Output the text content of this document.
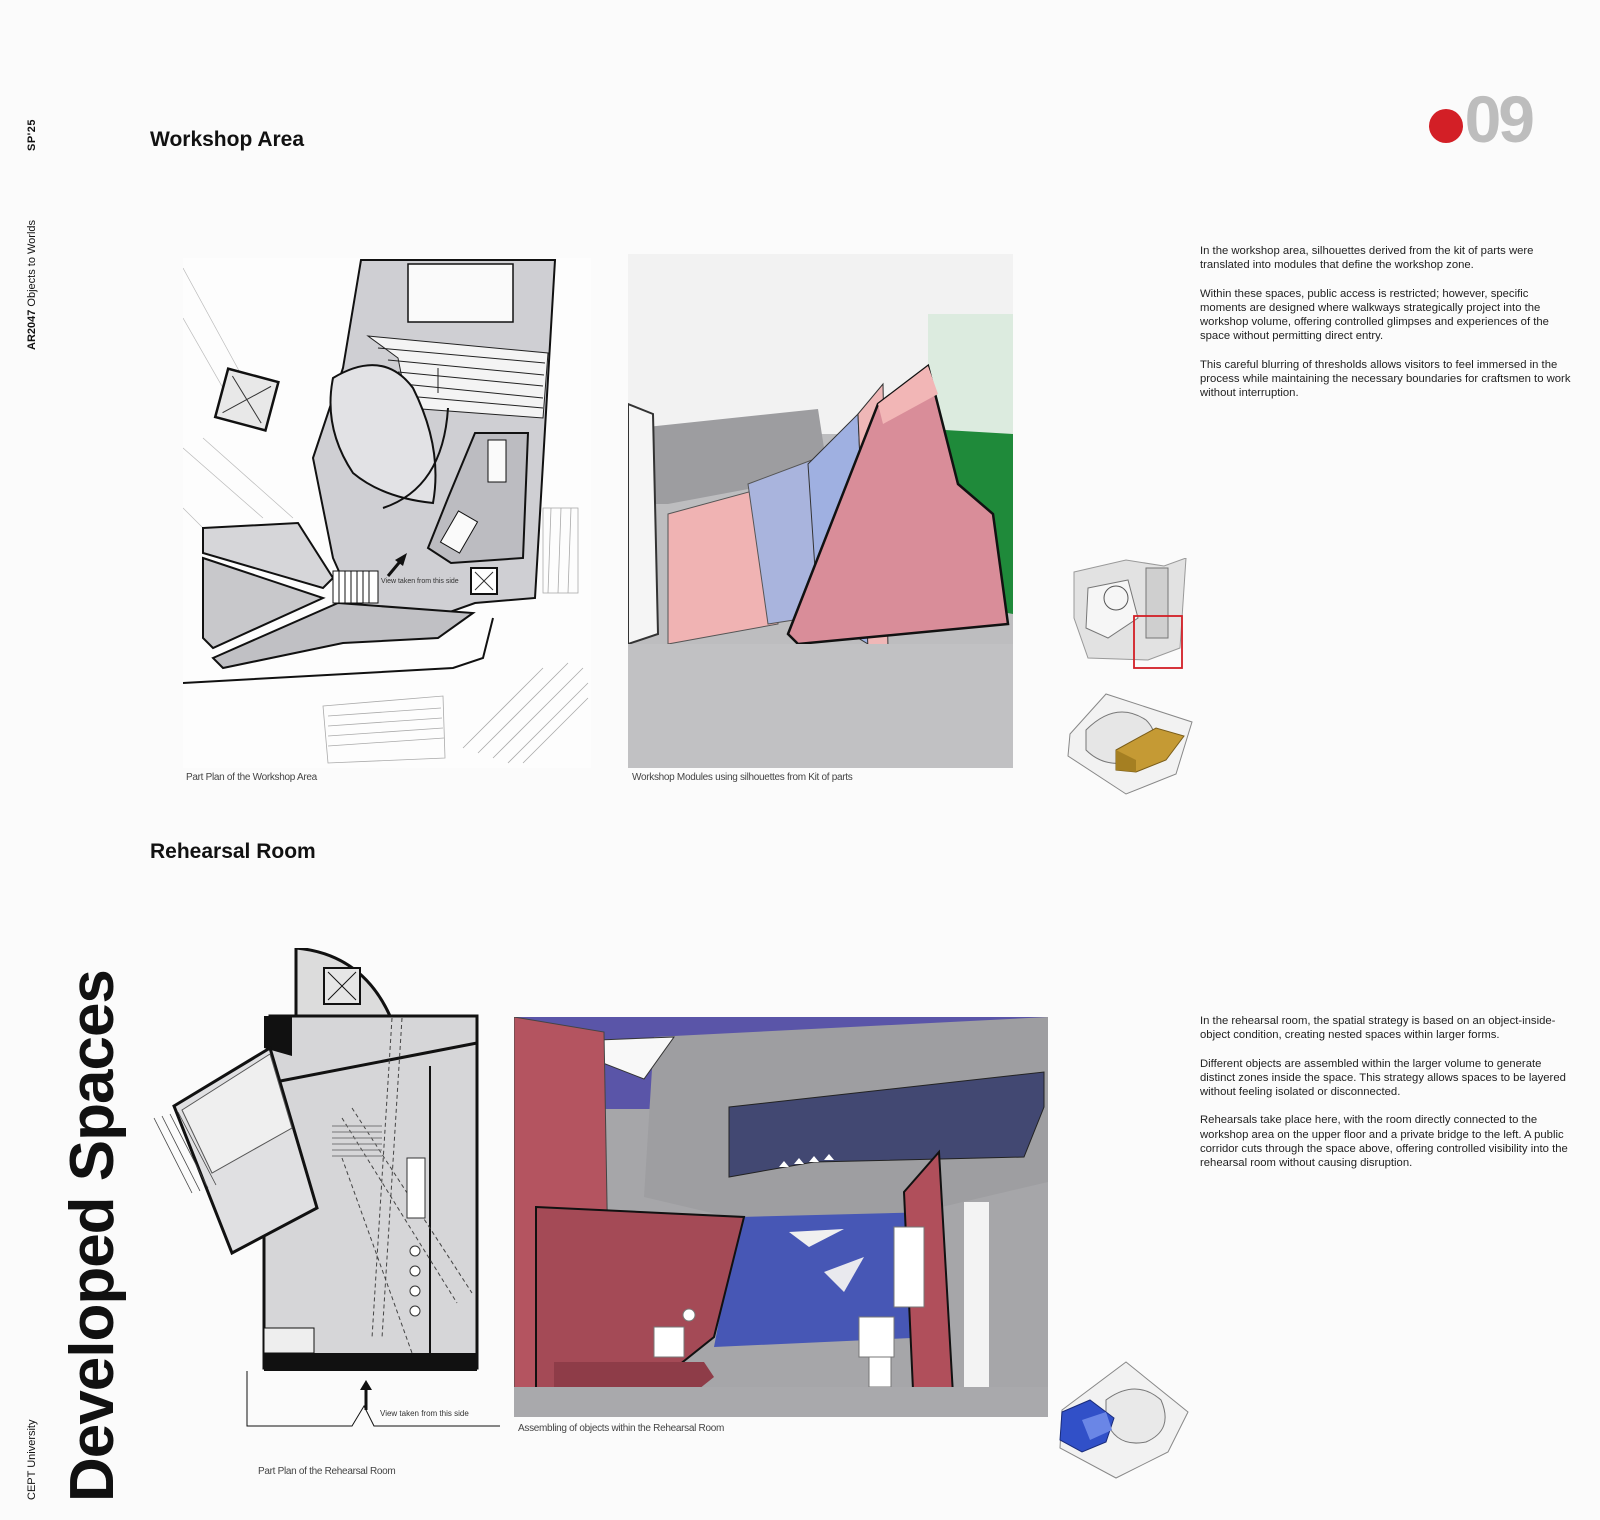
SP'25
AR2047 Objects to Worlds
CEPT University Developed Spaces
09
Workshop Area
View taken from this side
Part Plan of the Workshop Area	Workshop Modules using silhouettes from Kit of parts

In the workshop area, silhouettes derived from the kit of parts were translated into modules that define the workshop zone.

Within these spaces, public access is restricted; however, specific moments are designed where walkways strategically project into the workshop volume, offering controlled glimpses and experiences of the space without permitting direct entry.

This careful blurring of thresholds allows visitors to feel immersed in the process while maintaining the necessary boundaries for craftsmen to work without interruption.

Rehearsal Room
View taken from this side
Part Plan of the Rehearsal Room
Assembling of objects within the Rehearsal Room

In the rehearsal room, the spatial strategy is based on an object-inside-object condition, creating nested spaces within larger forms.

Different objects are assembled within the larger volume to generate distinct zones inside the space. This strategy allows spaces to be layered without feeling isolated or disconnected.

Rehearsals take place here, with the room directly connected to the workshop area on the upper floor and a private bridge to the left. A public corridor cuts through the space above, offering controlled visibility into the rehearsal room without causing disruption.
